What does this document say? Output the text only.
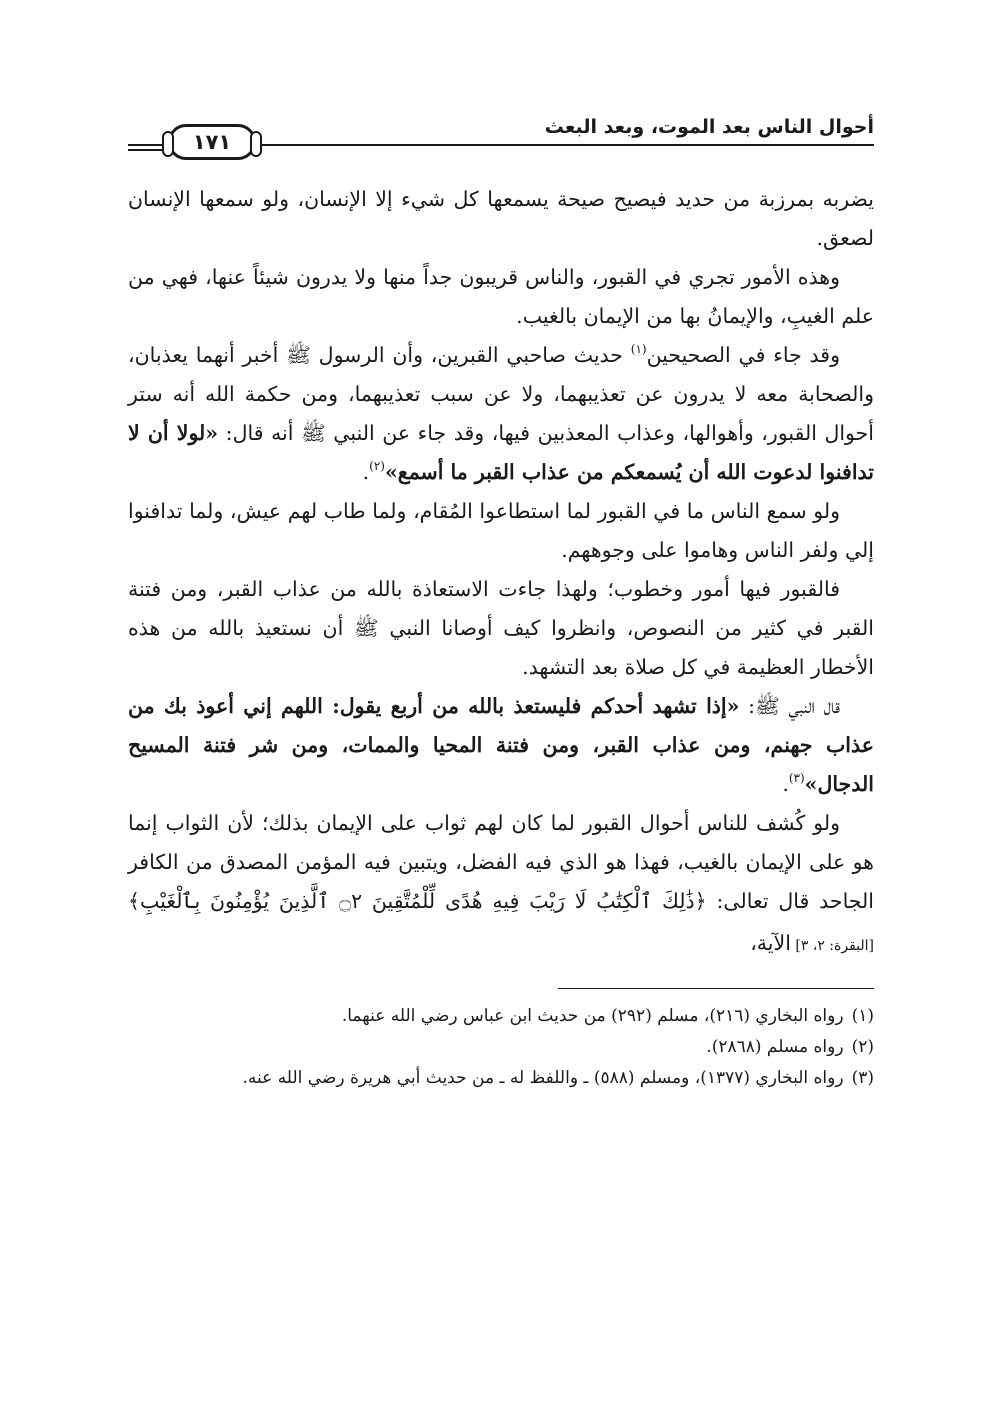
أحوال الناس بعد الموت، وبعد البعث
١٧١

يضربه بمرزبة من حديد فيصيح صيحة يسمعها كل شيء إلا الإنسان، ولو سمعها الإنسان لصعق.

وهذه الأمور تجري في القبور، والناس قريبون جداً منها ولا يدرون شيئاً عنها، فهي من علم الغيبِ، والإيمانُ بها من الإيمان بالغيب.

وقد جاء في الصحيحين$^{(١)}$ حديث صاحبي القبرين، وأن الرسول ﷺ أخبر أنهما يعذبان، والصحابة معه لا يدرون عن تعذيبهما، ولا عن سبب تعذيبهما، ومن حكمة الله أنه ستر أحوال القبور، وأهوالها، وعذاب المعذبين فيها، وقد جاء عن النبي ﷺ أنه قال: «لولا أن لا تدافنوا لدعوت الله أن يُسمعكم من عذاب القبر ما أسمع»$^{(٢)}$.

ولو سمع الناس ما في القبور لما استطاعوا المُقام، ولما طاب لهم عيش، ولما تدافنوا إلي ولفر الناس وهاموا على وجوههم.

فالقبور فيها أمور وخطوب؛ ولهذا جاءت الاستعاذة بالله من عذاب القبر، ومن فتنة القبر في كثير من النصوص، وانظروا كيف أوصانا النبي ﷺ أن نستعيذ بالله من هذه الأخطار العظيمة في كل صلاة بعد التشهد.

قال النبي ﷺ: «إذا تشهد أحدكم فليستعذ بالله من أربع يقول: اللهم إني أعوذ بك من عذاب جهنم، ومن عذاب القبر، ومن فتنة المحيا والممات، ومن شر فتنة المسيح الدجال»$^{(٣)}$.

ولو كُشف للناس أحوال القبور لما كان لهم ثواب على الإيمان بذلك؛ لأن الثواب إنما هو على الإيمان بالغيب، فهذا هو الذي فيه الفضل، ويتبين فيه المؤمن المصدق من الكافر الجاحد قال تعالى: ﴿ذَٰلِكَ ٱلْكِتَٰبُ لَا رَيْبَ فِيهِ هُدًى لِّلْمُتَّقِينَ ۝٢ ٱلَّذِينَ يُؤْمِنُونَ بِٱلْغَيْبِ﴾ [البقرة: ٢، ٣] الآية،

(١)
رواه البخاري (٢١٦)، مسلم (٢٩٢) من حديث ابن عباس رضي الله عنهما.
(٢)
رواه مسلم (٢٨٦٨).
(٣)
رواه البخاري (١٣٧٧)، ومسلم (٥٨٨) ـ واللفظ له ـ من حديث أبي هريرة رضي الله عنه.
